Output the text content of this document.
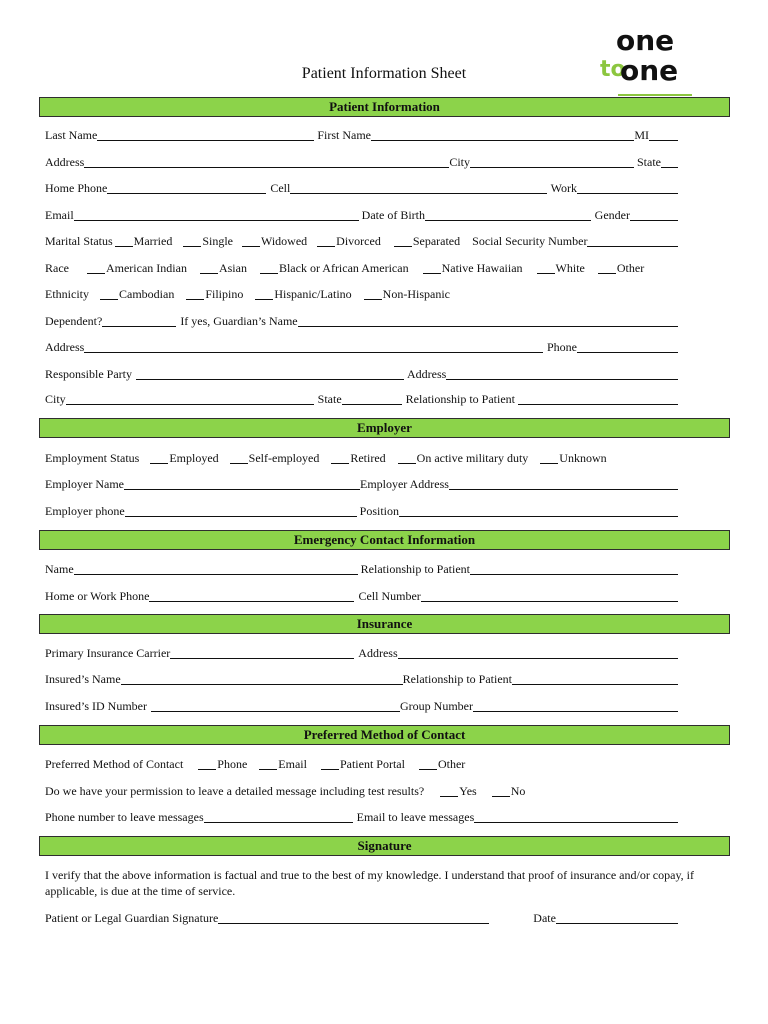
one
to
one
Patient Information Sheet
Patient Information
Last Name	First Name	MI
Address	City	State
Home Phone	Cell	Work
Email	Date of Birth	Gender
Marital Status Married	Single Widowed Divorced	Separated Social Security Number
Race	American Indian	Asian	Black or African American	Native Hawaiian	White	Other
Ethnicity	Cambodian	Filipino	Hispanic/Latino	Non-Hispanic
Dependent?	If yes, Guardian’s Name
Address	Phone
Responsible Party	Address
City	State	Relationship to Patient
Employer
Employment Status	Employed	Self-employed	Retired	On active military duty	Unknown
Employer Name	Employer Address
Employer phone	Position
Emergency Contact Information
Name	Relationship to Patient
Home or Work Phone	Cell Number
Insurance
Primary Insurance Carrier	Address
Insured’s Name	Relationship to Patient
Insured’s ID Number	Group Number
Preferred Method of Contact
Preferred Method of Contact	Phone	Email	Patient Portal	Other
Do we have your permission to leave a detailed message including test results?	Yes	No
Phone number to leave messages	Email to leave messages
Signature
I verify that the above information is factual and true to the best of my knowledge. I understand that proof of insurance and/or copay, if applicable, is due at the time of service.
Patient or Legal Guardian Signature	Date
